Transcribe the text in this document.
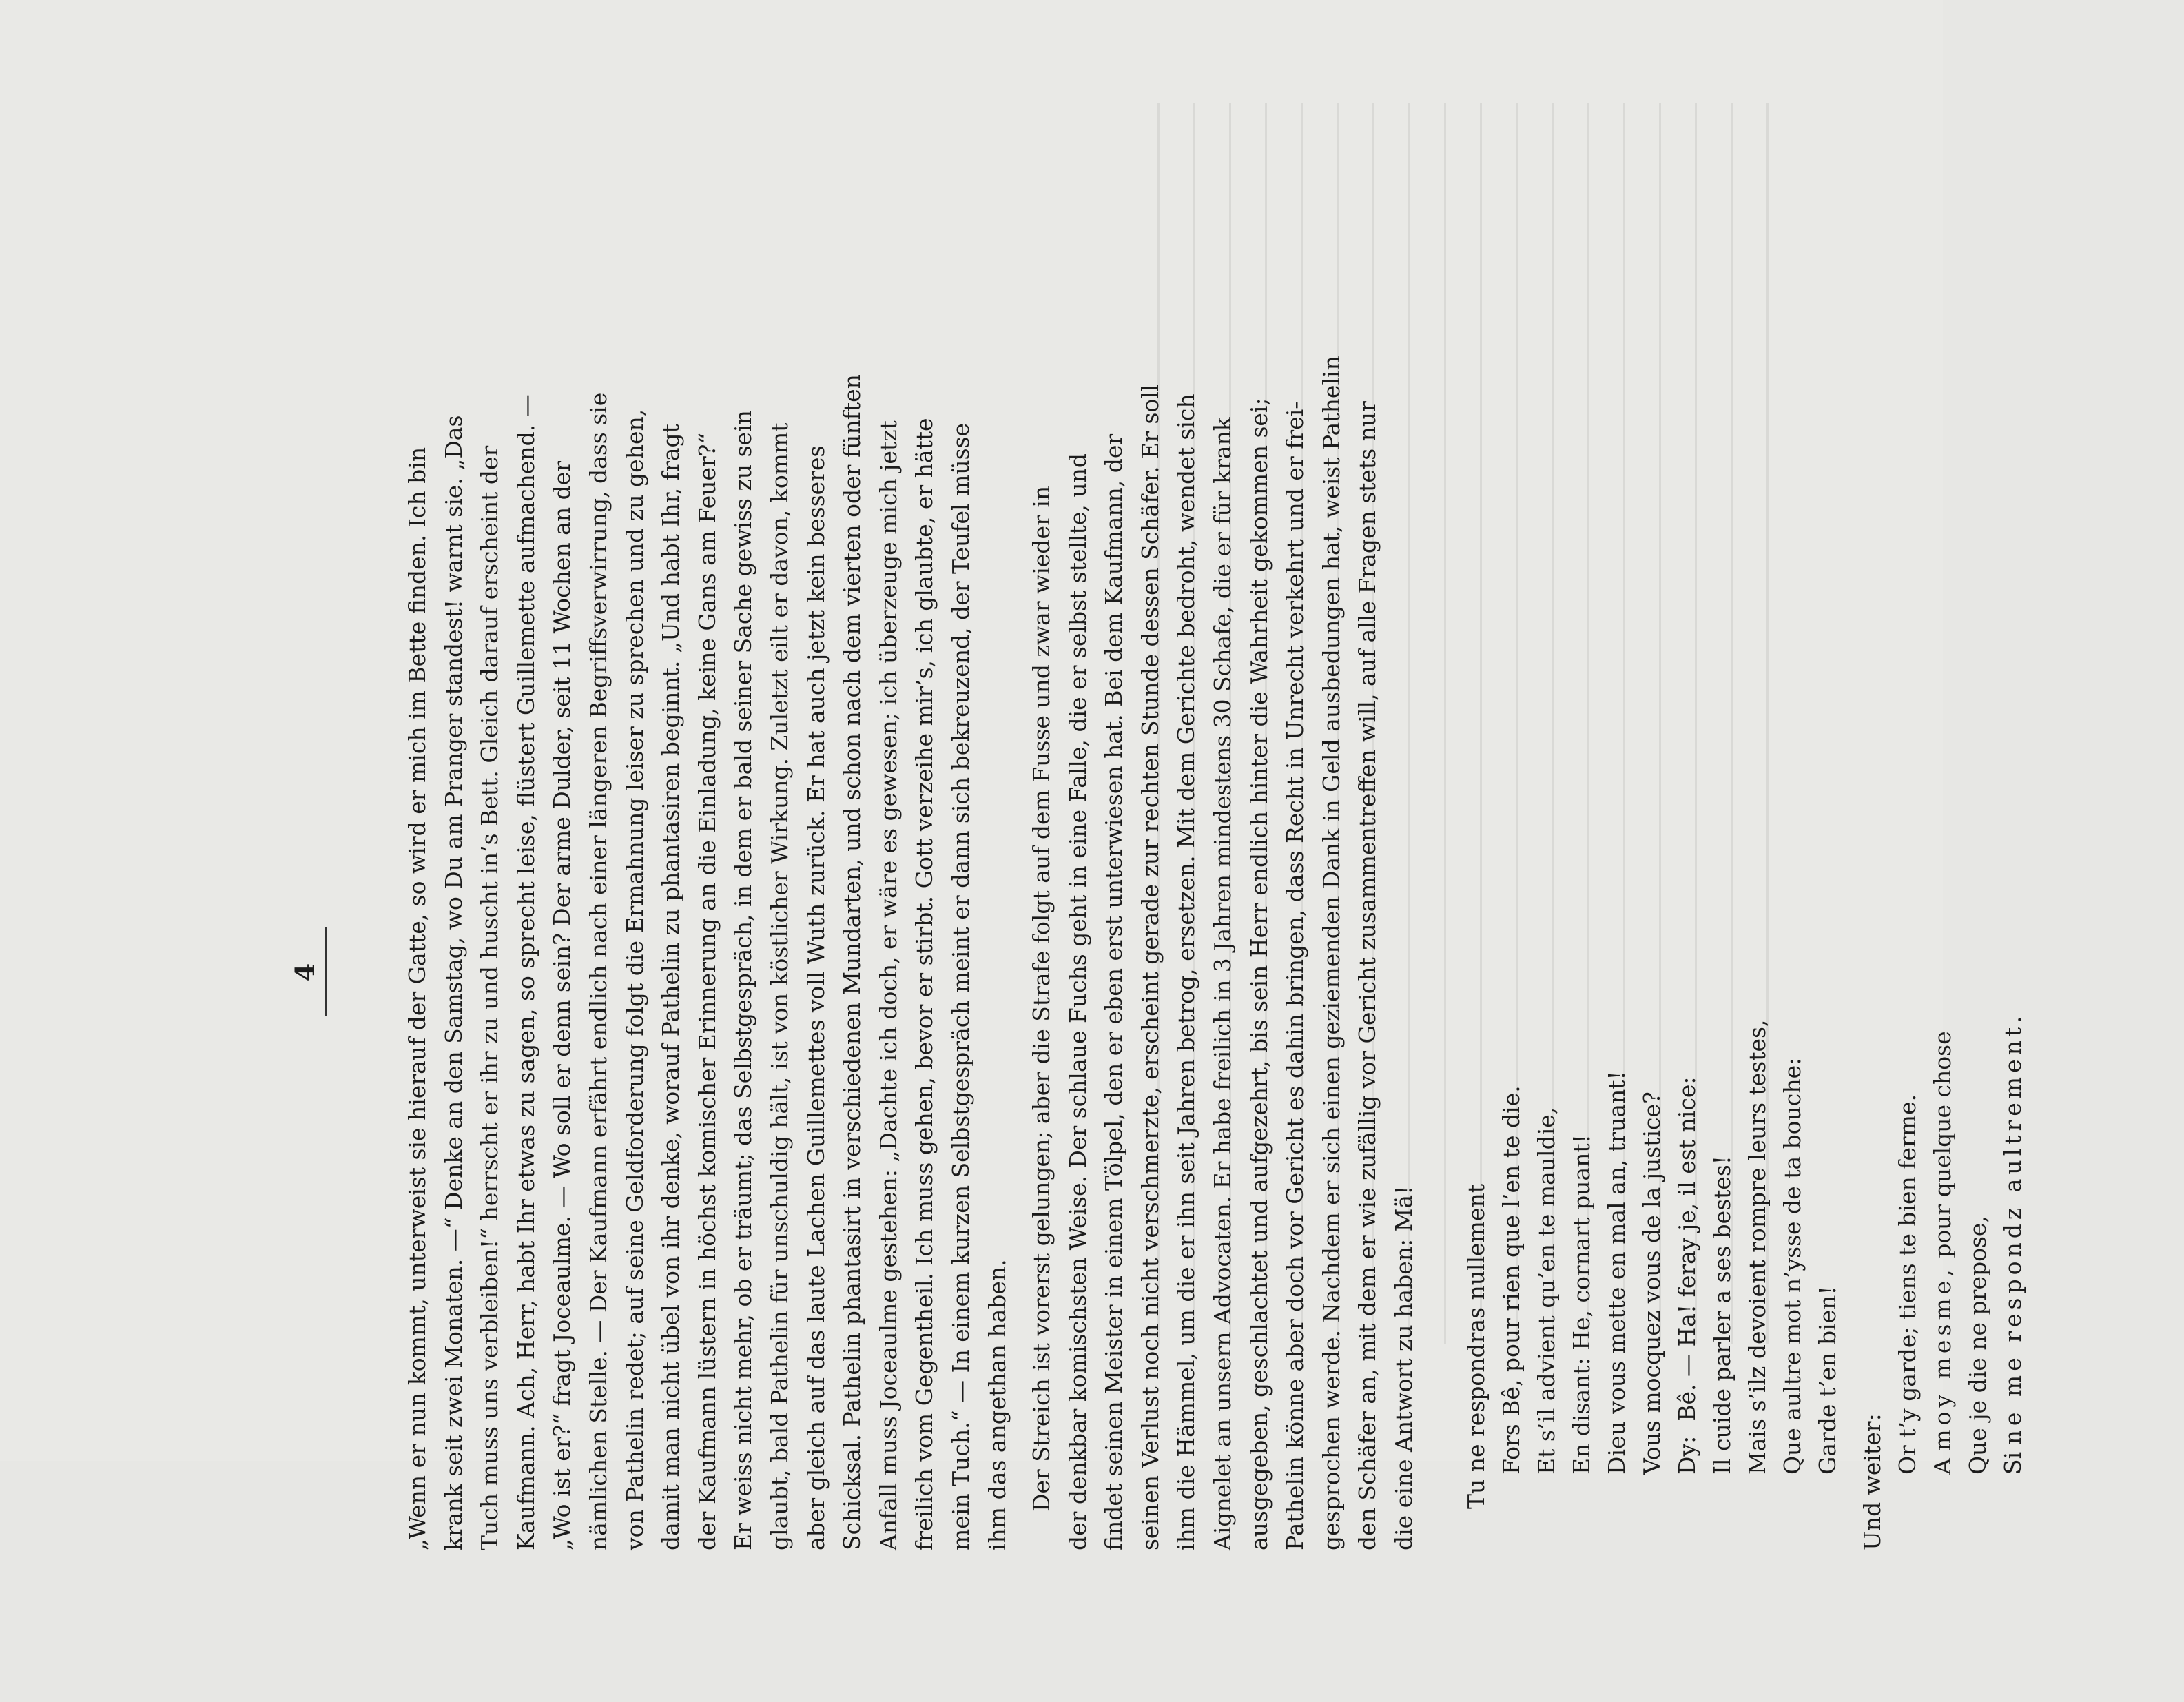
4

„Wenn er nun kommt, unterweist sie hierauf der Gatte, so wird er mich im Bette finden. Ich bin
krank seit zwei Monaten. —“ Denke an den Samstag, wo Du am Pranger standest! warnt sie. „Das
Tuch muss uns verbleiben!“ herrscht er ihr zu und huscht in’s Bett. Gleich darauf erscheint der
Kaufmann. Ach, Herr, habt Ihr etwas zu sagen, so sprecht leise, flüstert Guillemette aufmachend. —
„Wo ist er?“ fragt Joceaulme. — Wo soll er denn sein? Der arme Dulder, seit 11 Wochen an der
nämlichen Stelle. — Der Kaufmann erfährt endlich nach einer längeren Begriffsverwirrung, dass sie
von Pathelin redet; auf seine Geldforderung folgt die Ermahnung leiser zu sprechen und zu gehen,
damit man nicht übel von ihr denke, worauf Pathelin zu phantasiren beginnt. „Und habt Ihr, fragt
der Kaufmann lüstern in höchst komischer Erinnerung an die Einladung, keine Gans am Feuer?“
Er weiss nicht mehr, ob er träumt; das Selbstgespräch, in dem er bald seiner Sache gewiss zu sein
glaubt, bald Pathelin für unschuldig hält, ist von köstlicher Wirkung. Zuletzt eilt er davon, kommt
aber gleich auf das laute Lachen Guillemettes voll Wuth zurück. Er hat auch jetzt kein besseres
Schicksal. Pathelin phantasirt in verschiedenen Mundarten, und schon nach dem vierten oder fünften
Anfall muss Joceaulme gestehen: „Dachte ich doch, er wäre es gewesen; ich überzeuge mich jetzt
freilich vom Gegentheil. Ich muss gehen, bevor er stirbt. Gott verzeihe mir’s, ich glaubte, er hätte
mein Tuch.“ — In einem kurzen Selbstgespräch meint er dann sich bekreuzend, der Teufel müsse
ihm das angethan haben.

Der Streich ist vorerst gelungen; aber die Strafe folgt auf dem Fusse und zwar wieder in
der denkbar komischsten Weise. Der schlaue Fuchs geht in eine Falle, die er selbst stellte, und
findet seinen Meister in einem Tölpel, den er eben erst unterwiesen hat. Bei dem Kaufmann, der
seinen Verlust noch nicht verschmerzte, erscheint gerade zur rechten Stunde dessen Schäfer. Er soll
ihm die Hämmel, um die er ihn seit Jahren betrog, ersetzen. Mit dem Gerichte bedroht, wendet sich
Aignelet an unsern Advocaten. Er habe freilich in 3 Jahren mindestens 30 Schafe, die er für krank
ausgegeben, geschlachtet und aufgezehrt, bis sein Herr endlich hinter die Wahrheit gekommen sei;
Pathelin könne aber doch vor Gericht es dahin bringen, dass Recht in Unrecht verkehrt und er frei-
gesprochen werde. Nachdem er sich einen geziemenden Dank in Geld ausbedungen hat, weist Pathelin
den Schäfer an, mit dem er wie zufällig vor Gericht zusammentreffen will, auf alle Fragen stets nur
die eine Antwort zu haben: Mä! Tu ne respondras nullement Fors Bê, pour rien que l’en te die. Et s’il advient qu’en te mauldie, En disant: He, cornart puant! Dieu vous mette en mal an, truant! Vous mocquez vous de la justice? Dy:  Bê. — Ha! feray je, il est nice: Il cuide parler a ses bestes! Mais s’ilz devoient rompre leurs testes, Que aultre mot n’ysse de ta bouche: Garde t’en bien!

Und weiter:

Or t’y garde; tiens te bien ferme. A moy mesme, pour quelque chose
Que je die ne prepose, Si ne me respondz aultrement.
